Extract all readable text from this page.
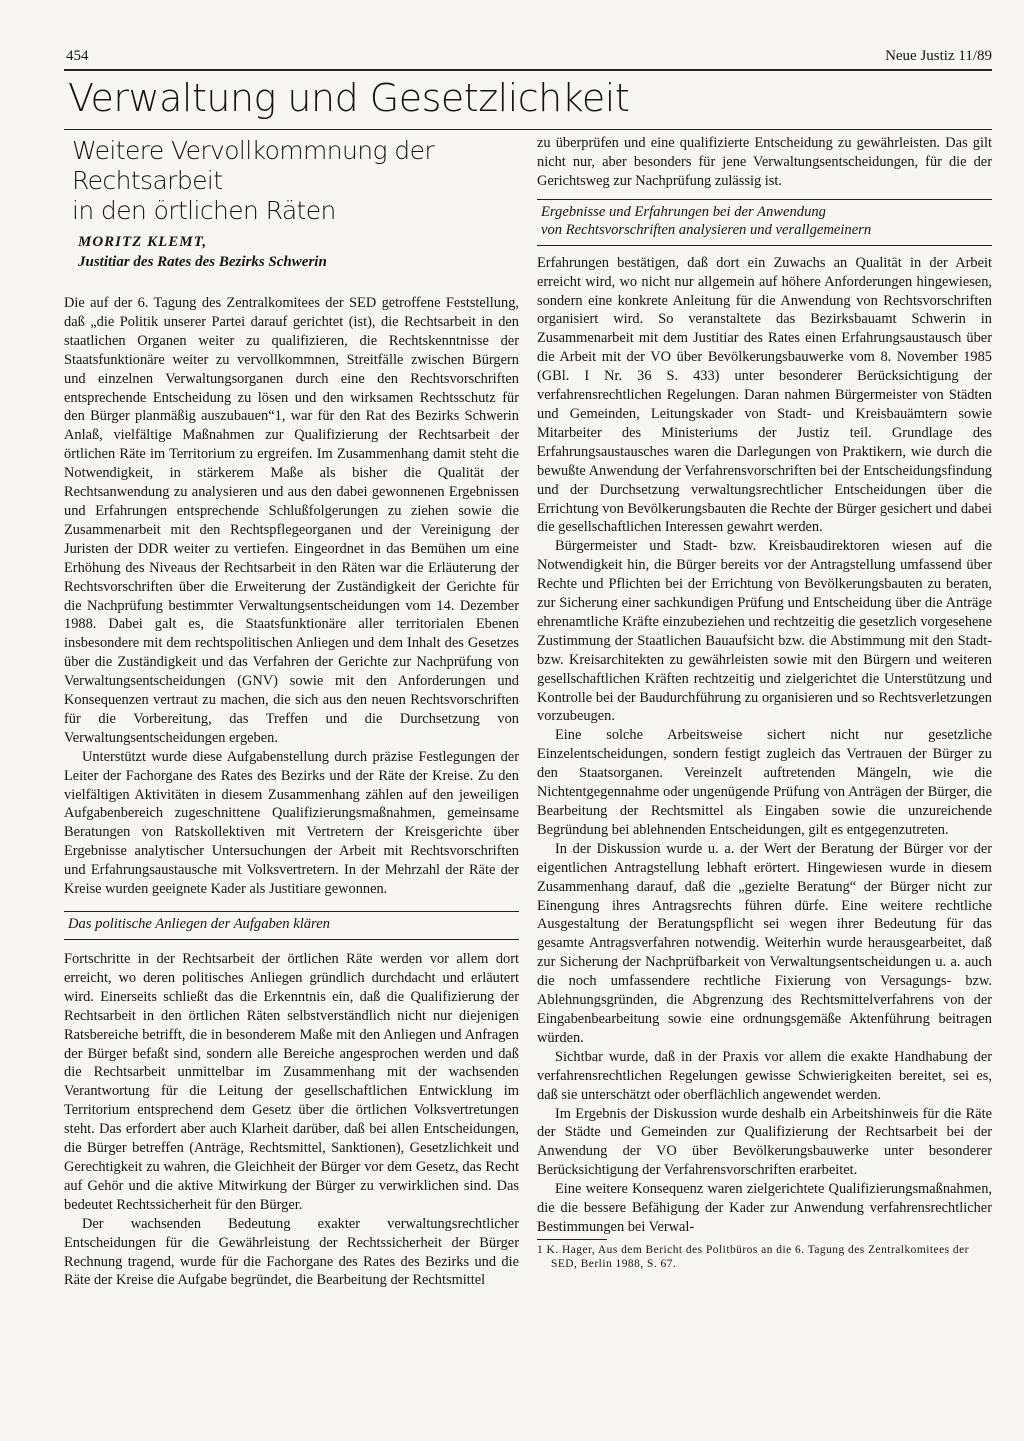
454	Neue Justiz 11/89
Verwaltung und Gesetzlichkeit
Weitere Vervollkommnung der Rechtsarbeit
in den örtlichen Räten
MORITZ KLEMT,
Justitiar des Rates des Bezirks Schwerin

Die auf der 6. Tagung des Zentralkomitees der SED getroffene Feststellung, daß „die Politik unserer Partei darauf gerichtet (ist), die Rechtsarbeit in den staatlichen Organen weiter zu qualifizieren, die Rechtskenntnisse der Staatsfunktionäre weiter zu vervollkommnen, Streitfälle zwischen Bürgern und einzelnen Verwaltungsorganen durch eine den Rechtsvorschriften entsprechende Entscheidung zu lösen und den wirksamen Rechtsschutz für den Bürger planmäßig auszubauen“1, war für den Rat des Bezirks Schwerin Anlaß, vielfältige Maßnahmen zur Qualifizierung der Rechtsarbeit der örtlichen Räte im Territorium zu ergreifen. Im Zusammenhang damit steht die Notwendigkeit, in stärkerem Maße als bisher die Qualität der Rechtsanwendung zu analysieren und aus den dabei gewonnenen Ergebnissen und Erfahrungen entsprechende Schlußfolgerungen zu ziehen sowie die Zusammenarbeit mit den Rechtspflegeorganen und der Vereinigung der Juristen der DDR weiter zu vertiefen. Eingeordnet in das Bemühen um eine Erhöhung des Niveaus der Rechtsarbeit in den Räten war die Erläuterung der Rechtsvorschriften über die Erweiterung der Zuständigkeit der Gerichte für die Nachprüfung bestimmter Verwaltungsentscheidungen vom 14. Dezember 1988. Dabei galt es, die Staatsfunktionäre aller territorialen Ebenen insbesondere mit dem rechtspolitischen Anliegen und dem Inhalt des Gesetzes über die Zuständigkeit und das Verfahren der Gerichte zur Nachprüfung von Verwaltungsentscheidungen (GNV) sowie mit den Anforderungen und Konsequenzen vertraut zu machen, die sich aus den neuen Rechtsvorschriften für die Vorbereitung, das Treffen und die Durchsetzung von Verwaltungsentscheidungen ergeben.

Unterstützt wurde diese Aufgabenstellung durch präzise Festlegungen der Leiter der Fachorgane des Rates des Bezirks und der Räte der Kreise. Zu den vielfältigen Aktivitäten in diesem Zusammenhang zählen auf den jeweiligen Aufgabenbereich zugeschnittene Qualifizierungsmaßnahmen, gemeinsame Beratungen von Ratskollektiven mit Vertretern der Kreisgerichte über Ergebnisse analytischer Untersuchungen der Arbeit mit Rechtsvorschriften und Erfahrungsaustausche mit Volksvertretern. In der Mehrzahl der Räte der Kreise wurden geeignete Kader als Justitiare gewonnen.

Das politische Anliegen der Aufgaben klären

Fortschritte in der Rechtsarbeit der örtlichen Räte werden vor allem dort erreicht, wo deren politisches Anliegen gründlich durchdacht und erläutert wird. Einerseits schließt das die Erkenntnis ein, daß die Qualifizierung der Rechtsarbeit in den örtlichen Räten selbstverständlich nicht nur diejenigen Ratsbereiche betrifft, die in besonderem Maße mit den Anliegen und Anfragen der Bürger befaßt sind, sondern alle Bereiche angesprochen werden und daß die Rechtsarbeit unmittelbar im Zusammenhang mit der wachsenden Verantwortung für die Leitung der gesellschaftlichen Entwicklung im Territorium entsprechend dem Gesetz über die örtlichen Volksvertretungen steht. Das erfordert aber auch Klarheit darüber, daß bei allen Entscheidungen, die Bürger betreffen (Anträge, Rechtsmittel, Sanktionen), Gesetzlichkeit und Gerechtigkeit zu wahren, die Gleichheit der Bürger vor dem Gesetz, das Recht auf Gehör und die aktive Mitwirkung der Bürger zu verwirklichen sind. Das bedeutet Rechtssicherheit für den Bürger.

Der wachsenden Bedeutung exakter verwaltungsrechtlicher Entscheidungen für die Gewährleistung der Rechtssicherheit der Bürger Rechnung tragend, wurde für die Fachorgane des Rates des Bezirks und die Räte der Kreise die Aufgabe begründet, die Bearbeitung der Rechtsmittel

zu überprüfen und eine qualifizierte Entscheidung zu gewährleisten. Das gilt nicht nur, aber besonders für jene Verwaltungsentscheidungen, für die der Gerichtsweg zur Nachprüfung zulässig ist.

Ergebnisse und Erfahrungen bei der Anwendung
von Rechtsvorschriften analysieren und verallgemeinern

Erfahrungen bestätigen, daß dort ein Zuwachs an Qualität in der Arbeit erreicht wird, wo nicht nur allgemein auf höhere Anforderungen hingewiesen, sondern eine konkrete Anleitung für die Anwendung von Rechtsvorschriften organisiert wird. So veranstaltete das Bezirksbauamt Schwerin in Zusammenarbeit mit dem Justitiar des Rates einen Erfahrungsaustausch über die Arbeit mit der VO über Bevölkerungsbauwerke vom 8. November 1985 (GBl. I Nr. 36 S. 433) unter besonderer Berücksichtigung der verfahrensrechtlichen Regelungen. Daran nahmen Bürgermeister von Städten und Gemeinden, Leitungskader von Stadt- und Kreisbauämtern sowie Mitarbeiter des Ministeriums der Justiz teil. Grundlage des Erfahrungsaustausches waren die Darlegungen von Praktikern, wie durch die bewußte Anwendung der Verfahrensvorschriften bei der Entscheidungsfindung und der Durchsetzung verwaltungsrechtlicher Entscheidungen über die Errichtung von Bevölkerungsbauten die Rechte der Bürger gesichert und dabei die gesellschaftlichen Interessen gewahrt werden.

Bürgermeister und Stadt- bzw. Kreisbaudirektoren wiesen auf die Notwendigkeit hin, die Bürger bereits vor der Antragstellung umfassend über Rechte und Pflichten bei der Errichtung von Bevölkerungsbauten zu beraten, zur Sicherung einer sachkundigen Prüfung und Entscheidung über die Anträge ehrenamtliche Kräfte einzubeziehen und rechtzeitig die gesetzlich vorgesehene Zustimmung der Staatlichen Bauaufsicht bzw. die Abstimmung mit den Stadt- bzw. Kreisarchitekten zu gewährleisten sowie mit den Bürgern und weiteren gesellschaftlichen Kräften rechtzeitig und zielgerichtet die Unterstützung und Kontrolle bei der Baudurchführung zu organisieren und so Rechtsverletzungen vorzubeugen.

Eine solche Arbeitsweise sichert nicht nur gesetzliche Einzelentscheidungen, sondern festigt zugleich das Vertrauen der Bürger zu den Staatsorganen. Vereinzelt auftretenden Mängeln, wie die Nichtentgegennahme oder ungenügende Prüfung von Anträgen der Bürger, die Bearbeitung der Rechtsmittel als Eingaben sowie die unzureichende Begründung bei ablehnenden Entscheidungen, gilt es entgegenzutreten.

In der Diskussion wurde u. a. der Wert der Beratung der Bürger vor der eigentlichen Antragstellung lebhaft erörtert. Hingewiesen wurde in diesem Zusammenhang darauf, daß die „gezielte Beratung“ der Bürger nicht zur Einengung ihres Antragsrechts führen dürfe. Eine weitere rechtliche Ausgestaltung der Beratungspflicht sei wegen ihrer Bedeutung für das gesamte Antragsverfahren notwendig. Weiterhin wurde herausgearbeitet, daß zur Sicherung der Nachprüfbarkeit von Verwaltungsentscheidungen u. a. auch die noch umfassendere rechtliche Fixierung von Versagungs- bzw. Ablehnungsgründen, die Abgrenzung des Rechtsmittelverfahrens von der Eingabenbearbeitung sowie eine ordnungsgemäße Aktenführung beitragen würden.

Sichtbar wurde, daß in der Praxis vor allem die exakte Handhabung der verfahrensrechtlichen Regelungen gewisse Schwierigkeiten bereitet, sei es, daß sie unterschätzt oder oberflächlich angewendet werden.

Im Ergebnis der Diskussion wurde deshalb ein Arbeitshinweis für die Räte der Städte und Gemeinden zur Qualifizierung der Rechtsarbeit bei der Anwendung der VO über Bevölkerungsbauwerke unter besonderer Berücksichtigung der Verfahrensvorschriften erarbeitet.

Eine weitere Konsequenz waren zielgerichtete Qualifizierungsmaßnahmen, die die bessere Befähigung der Kader zur Anwendung verfahrensrechtlicher Bestimmungen bei Verwal-

1 K. Hager, Aus dem Bericht des Politbüros an die 6. Tagung des Zentralkomitees der SED, Berlin 1988, S. 67.
